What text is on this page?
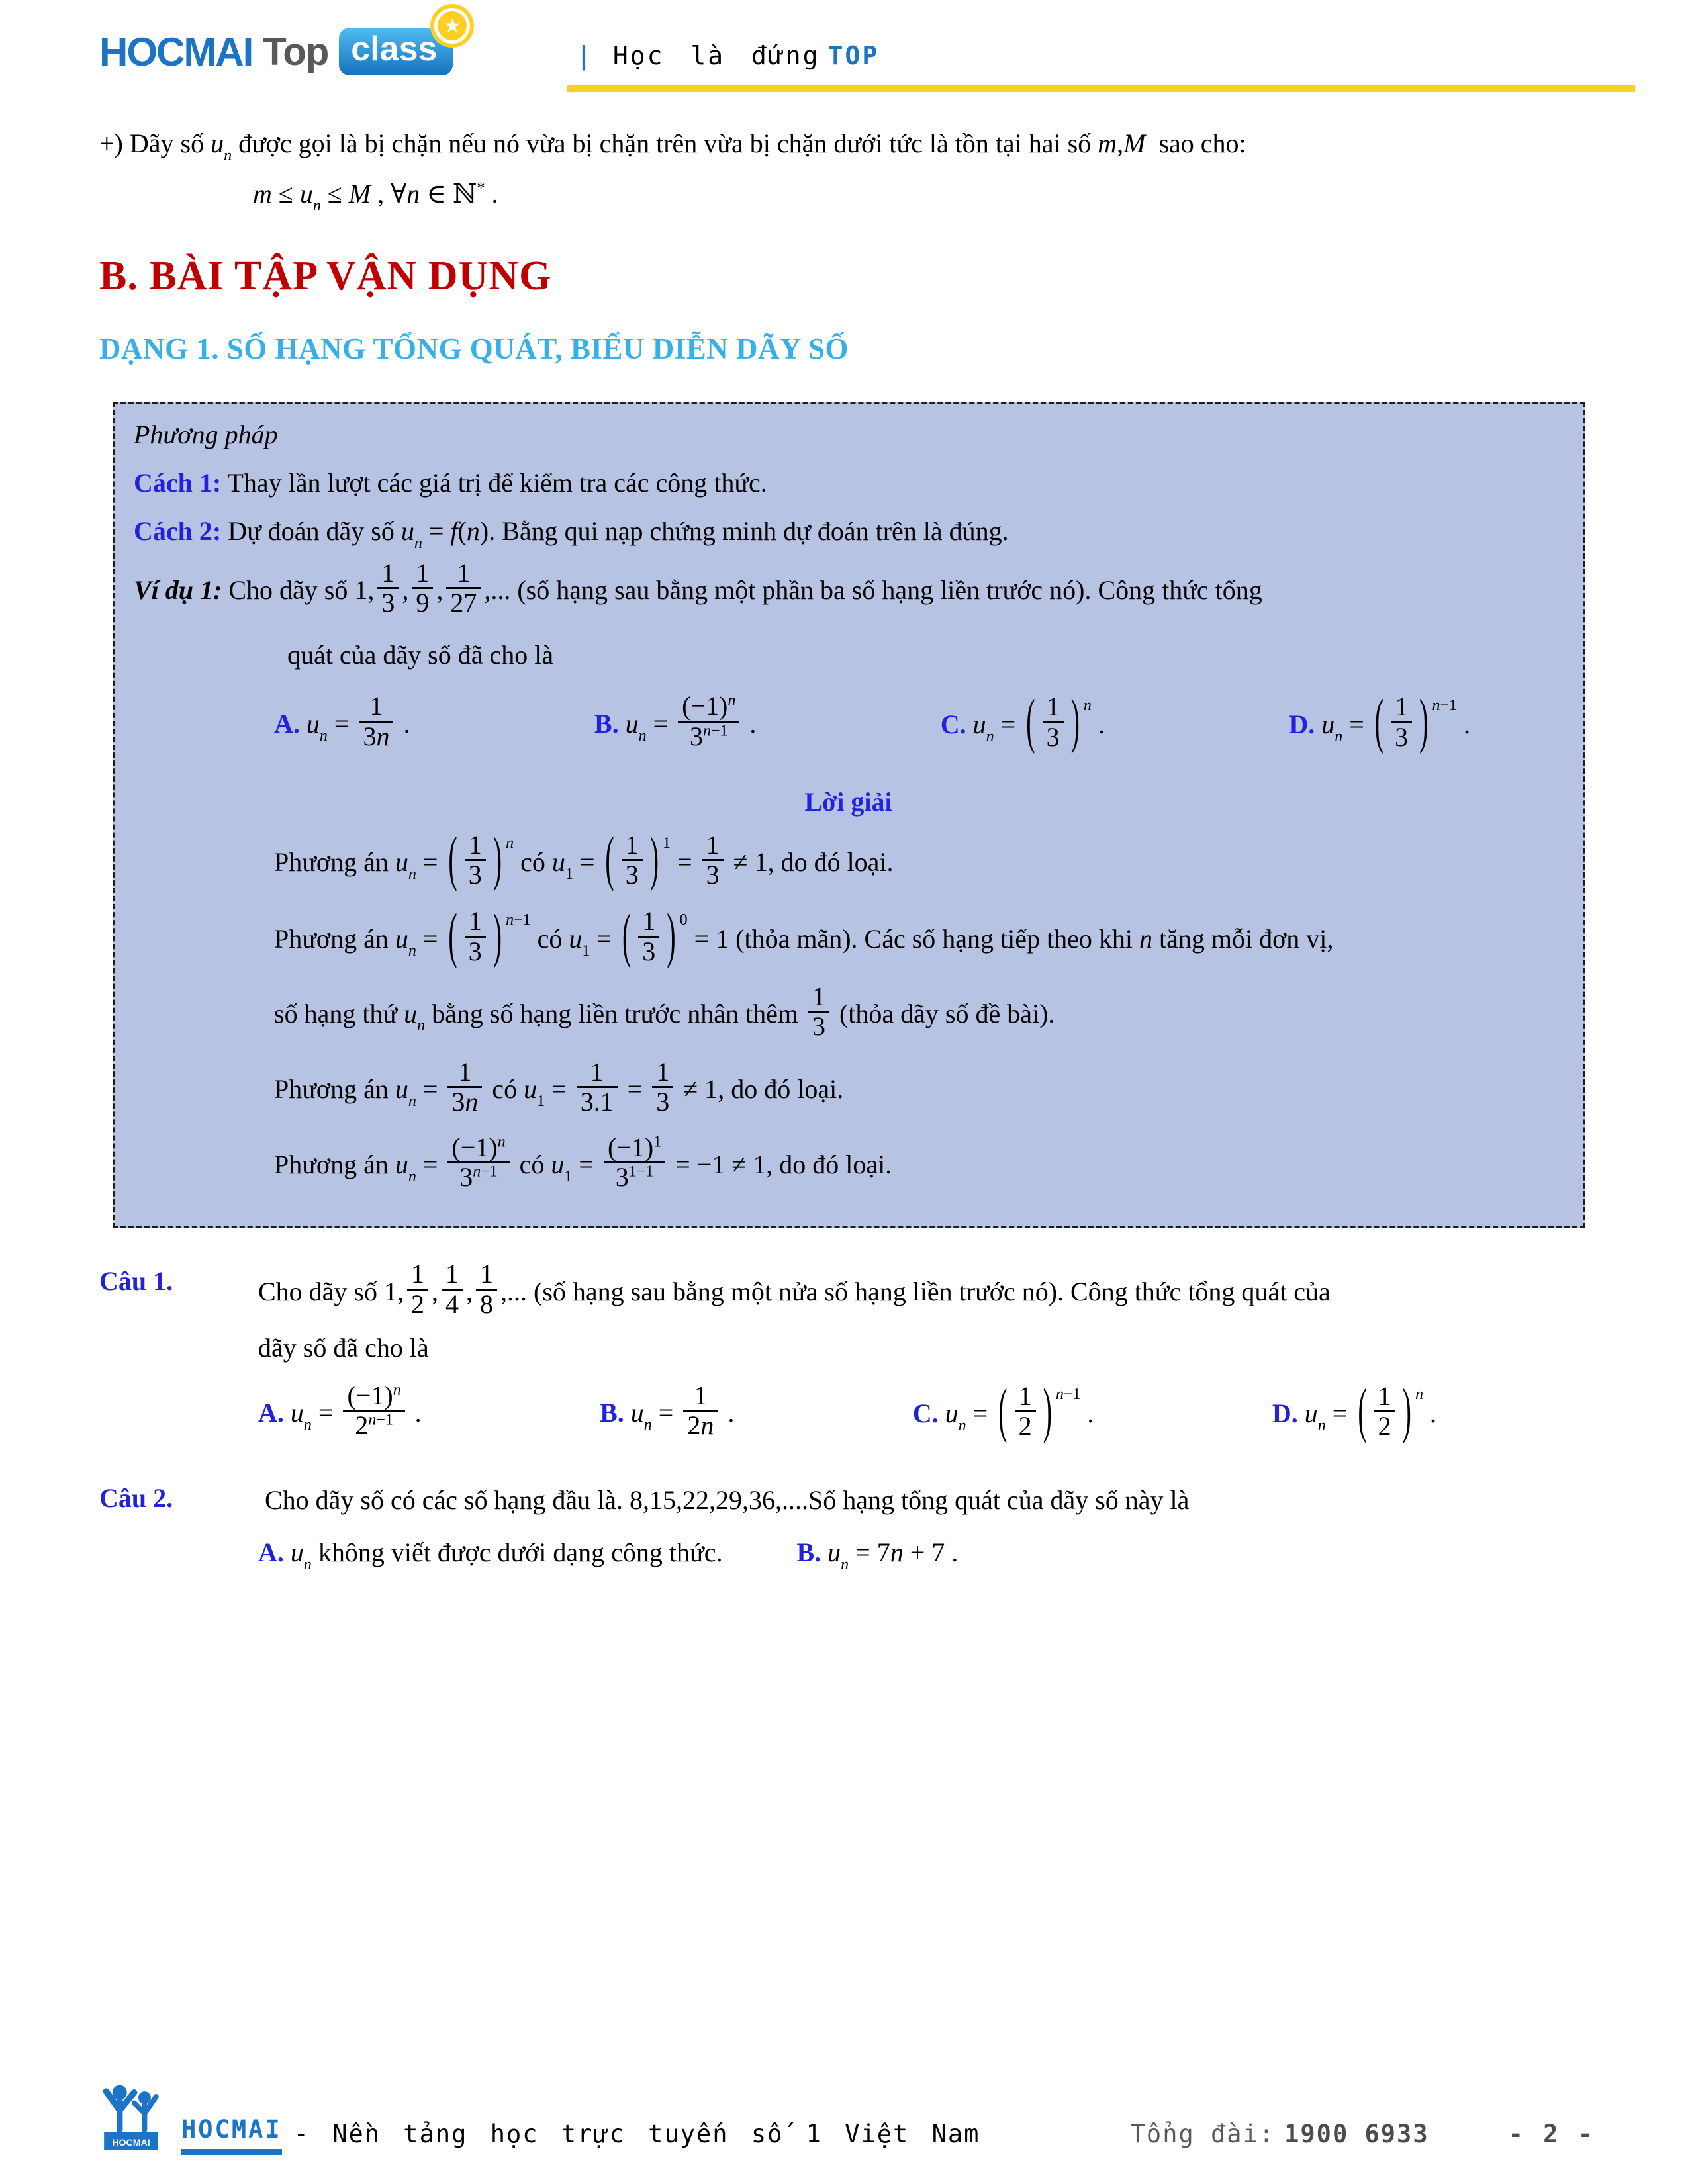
HOCMAI Top class
★
| Học là đứng TOP

+) Dãy số $u_n$ được gọi là bị chặn nếu nó vừa bị chặn trên vừa bị chặn dưới tức là tồn tại hai số m,M  sao cho:

$m \le u_n \le M$ , ∀n ∈ ℕ* .

B. BÀI TẬP VẬN DỤNG
DẠNG 1. SỐ HẠNG TỔNG QUÁT, BIỂU DIỄN DÃY SỐ

Phương pháp

Cách 1: Thay lần lượt các giá trị để kiểm tra các công thức.

Cách 2: Dự đoán dãy số $u_n = f(n)$. Bằng qui nạp chứng minh dự đoán trên là đúng.

Ví dụ 1: Cho dãy số 1, $\frac{1}{3}$ , $\frac{1}{9}$ , $\frac{1}{27}$ ,... (số hạng sau bằng một phần ba số hạng liền trước nó). Công thức tổng

quát của dãy số đã cho là

A. $u_n = \frac{1}{3n}$ .	B. $u_n = \frac{(-1)^n}{3^{n-1}}$ .	C. $u_n$ = ( $\frac{1}{3}$ ) $^n$ .	D. $u_n$ = ( $\frac{1}{3}$ ) $^{n-1}$ .

Lời giải

Phương án $u_n$ = ( $\frac{1}{3}$ ) $^n$ có $u_1$ = ( $\frac{1}{3}$ ) $^1 = \frac{1}{3} \ne 1$, do đó loại.

Phương án $u_n$ = ( $\frac{1}{3}$ ) $^{n-1}$ có $u_1$ = ( $\frac{1}{3}$ ) $^0$ = 1 (thỏa mãn). Các số hạng tiếp theo khi n tăng mỗi đơn vị,

số hạng thứ $u_n$ bằng số hạng liền trước nhân thêm $\frac{1}{3}$ (thỏa dãy số đề bài).

Phương án $u_n = \frac{1}{3n}$ có $u_1 = \frac{1}{3.1} = \frac{1}{3} \ne 1$, do đó loại.

Phương án $u_n = \frac{(-1)^n}{3^{n-1}}$ có $u_1 = \frac{(-1)^1}{3^{1-1}} = -1 \ne 1$, do đó loại.

Câu 1.	Cho dãy số 1, $\frac{1}{2}$ , $\frac{1}{4}$ , $\frac{1}{8}$ ,... (số hạng sau bằng một nửa số hạng liền trước nó). Công thức tổng quát của

dãy số đã cho là

A. $u_n = \frac{(-1)^n}{2^{n-1}}$ .	B. $u_n = \frac{1}{2n}$ .	C. $u_n$ = ( $\frac{1}{2}$ ) $^{n-1}$ .	D. $u_n$ = ( $\frac{1}{2}$ ) $^n$ .
Câu 2.	Cho dãy số có các số hạng đầu là. 8,15,22,29,36,....Số hạng tổng quát của dãy số này là
A. $u_n$ không viết được dưới dạng công thức.	B. $u_n = 7n + 7$ .
HOCMAI HOCMAI - Nền tảng học trực tuyến số 1 Việt Nam	Tổng đài: 1900 6933	- 2 -
